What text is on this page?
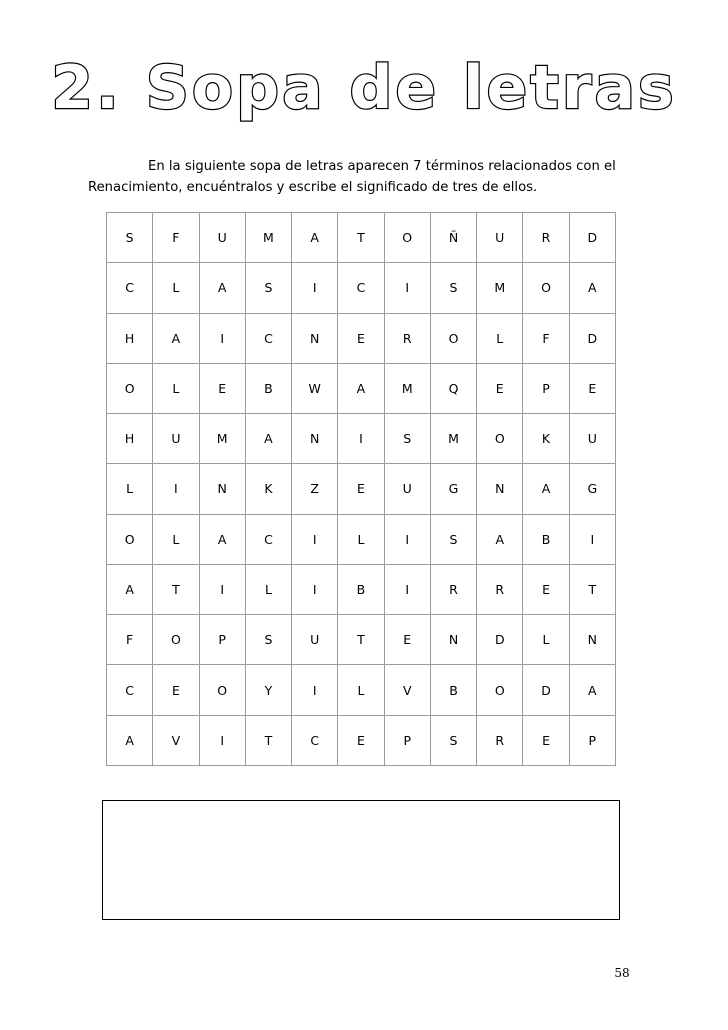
2. Sopa de letras

En la siguiente sopa de letras aparecen 7 términos relacionados con el Renacimiento, encuéntralos y escribe el significado de tres de ellos.

S	F	U	M	A	T	O	Ñ	U	R	D
C	L	A	S	I	C	I	S	M	O	A
H	A	I	C	N	E	R	O	L	F	D
O	L	E	B	W	A	M	Q	E	P	E
H	U	M	A	N	I	S	M	O	K	U
L	I	N	K	Z	E	U	G	N	A	G
O	L	A	C	I	L	I	S	A	B	I
A	T	I	L	I	B	I	R	R	E	T
F	O	P	S	U	T	E	N	D	L	N
C	E	O	Y	I	L	V	B	O	D	A
A	V	I	T	C	E	P	S	R	E	P
58
